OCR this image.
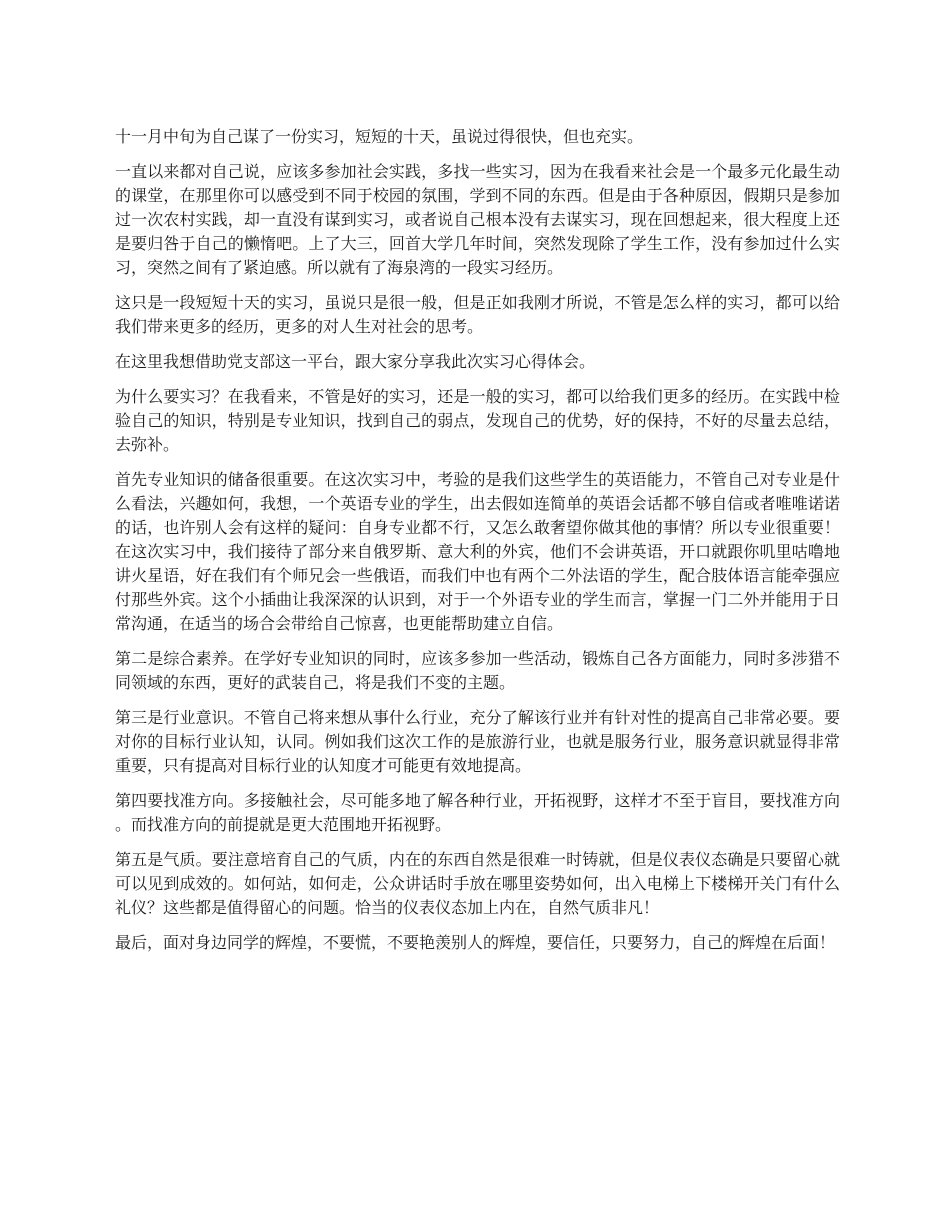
十一月中旬为自己谋了一份实习，短短的十天，虽说过得很快，但也充实。

一直以来都对自己说，应该多参加社会实践，多找一些实习，因为在我看来社会是一个最多元化最生动的课堂，在那里你可以感受到不同于校园的氛围，学到不同的东西。但是由于各种原因，假期只是参加过一次农村实践，却一直没有谋到实习，或者说自己根本没有去谋实习，现在回想起来，很大程度上还是要归咎于自己的懒惰吧。上了大三，回首大学几年时间，突然发现除了学生工作，没有参加过什么实习，突然之间有了紧迫感。所以就有了海泉湾的一段实习经历。

这只是一段短短十天的实习，虽说只是很一般，但是正如我刚才所说，不管是怎么样的实习，都可以给我们带来更多的经历，更多的对人生对社会的思考。

在这里我想借助党支部这一平台，跟大家分享我此次实习心得体会。

为什么要实习？在我看来，不管是好的实习，还是一般的实习，都可以给我们更多的经历。在实践中检验自己的知识，特别是专业知识，找到自己的弱点，发现自己的优势，好的保持，不好的尽量去总结，去弥补。

首先专业知识的储备很重要。在这次实习中，考验的是我们这些学生的英语能力，不管自己对专业是什么看法，兴趣如何，我想，一个英语专业的学生，出去假如连简单的英语会话都不够自信或者唯唯诺诺的话，也许别人会有这样的疑问：自身专业都不行，又怎么敢奢望你做其他的事情？所以专业很重要！ 在这次实习中，我们接待了部分来自俄罗斯、意大利的外宾，他们不会讲英语，开口就跟你叽里咕噜地讲火星语，好在我们有个师兄会一些俄语，而我们中也有两个二外法语的学生，配合肢体语言能牵强应付那些外宾。这个小插曲让我深深的认识到，对于一个外语专业的学生而言，掌握一门二外并能用于日常沟通，在适当的场合会带给自己惊喜，也更能帮助建立自信。

第二是综合素养。在学好专业知识的同时，应该多参加一些活动，锻炼自己各方面能力，同时多涉猎不同领域的东西，更好的武装自己，将是我们不变的主题。

第三是行业意识。不管自己将来想从事什么行业，充分了解该行业并有针对性的提高自己非常必要。要对你的目标行业认知，认同。例如我们这次工作的是旅游行业，也就是服务行业，服务意识就显得非常重要，只有提高对目标行业的认知度才可能更有效地提高。

第四要找准方向。多接触社会，尽可能多地了解各种行业，开拓视野，这样才不至于盲目，要找准方向。而找准方向的前提就是更大范围地开拓视野。

第五是气质。要注意培育自己的气质，内在的东西自然是很难一时铸就，但是仪表仪态确是只要留心就可以见到成效的。如何站，如何走，公众讲话时手放在哪里姿势如何，出入电梯上下楼梯开关门有什么礼仪？这些都是值得留心的问题。恰当的仪表仪态加上内在，自然气质非凡！

最后，面对身边同学的辉煌，不要慌，不要艳羡别人的辉煌，要信任，只要努力，自己的辉煌在后面！
